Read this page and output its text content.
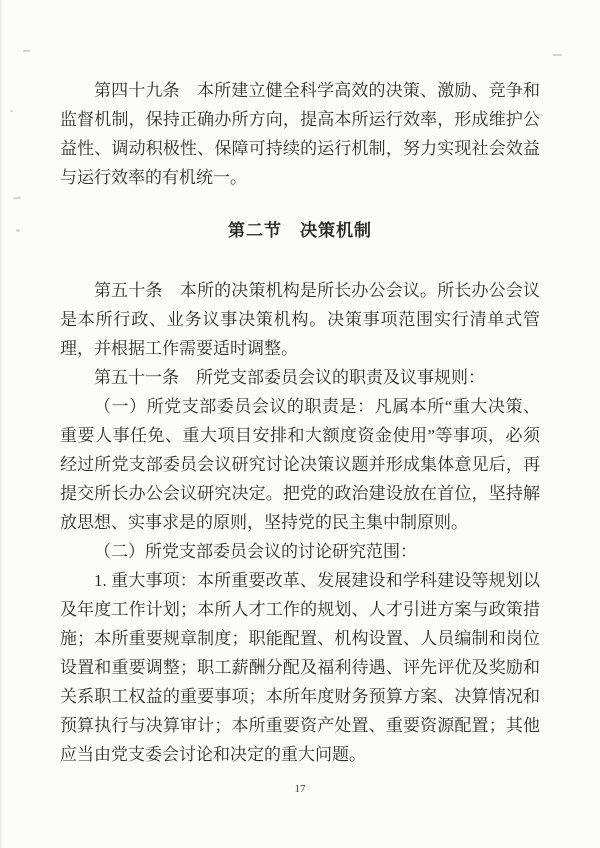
第四十九条　本所建立健全科学高效的决策、激励、竞争和监督机制，保持正确办所方向，提高本所运行效率，形成维护公益性、调动积极性、保障可持续的运行机制，努力实现社会效益与运行效率的有机统一。

第二节　决策机制

第五十条　本所的决策机构是所长办公会议。所长办公会议是本所行政、业务议事决策机构。决策事项范围实行清单式管理，并根据工作需要适时调整。

第五十一条　所党支部委员会议的职责及议事规则：

（一）所党支部委员会议的职责是：凡属本所“重大决策、重要人事任免、重大项目安排和大额度资金使用”等事项，必须经过所党支部委员会议研究讨论决策议题并形成集体意见后，再提交所长办公会议研究决定。把党的政治建设放在首位，坚持解放思想、实事求是的原则，坚持党的民主集中制原则。

（二）所党支部委员会议的讨论研究范围：

1. 重大事项：本所重要改革、发展建设和学科建设等规划以及年度工作计划；本所人才工作的规划、人才引进方案与政策措施；本所重要规章制度；职能配置、机构设置、人员编制和岗位设置和重要调整；职工薪酬分配及福利待遇、评先评优及奖励和关系职工权益的重要事项；本所年度财务预算方案、决算情况和预算执行与决算审计；本所重要资产处置、重要资源配置；其他应当由党支委会讨论和决定的重大问题。

17
